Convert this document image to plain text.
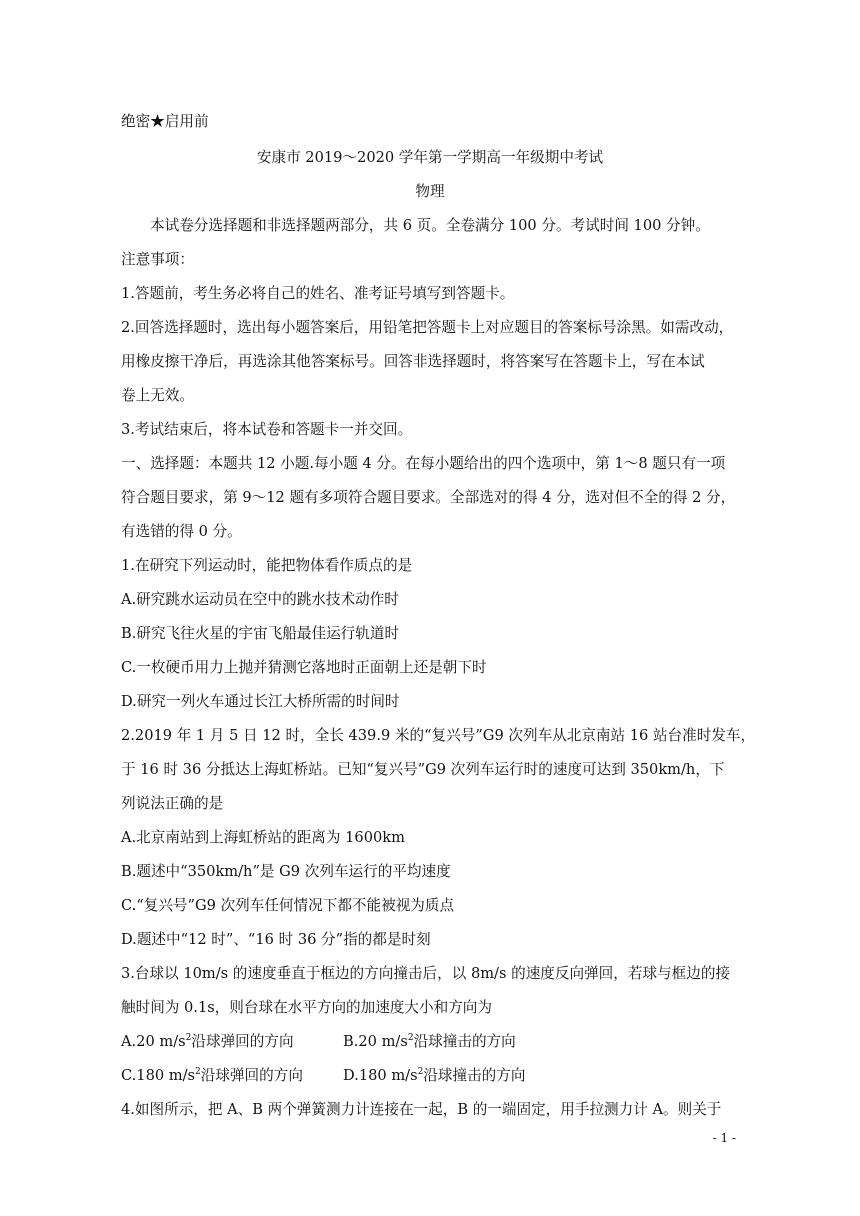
绝密★启用前
安康市 2019～2020 学年第一学期高一年级期中考试
物理
本试卷分选择题和非选择题两部分，共 6 页。全卷满分 100 分。考试时间 100 分钟。
注意事项：
1.答题前，考生务必将自己的姓名、准考证号填写到答题卡。
2.回答选择题时，选出每小题答案后，用铅笔把答题卡上对应题目的答案标号涂黑。如需改动，
用橡皮擦干净后，再选涂其他答案标号。回答非选择题时，将答案写在答题卡上，写在本试
卷上无效。
3.考试结束后，将本试卷和答题卡一并交回。
一、选择题：本题共 12 小题.每小题 4 分。在每小题给出的四个选项中，第 1～8 题只有一项
符合题目要求，第 9～12 题有多项符合题目要求。全部选对的得 4 分，选对但不全的得 2 分，
有选错的得 0 分。
1.在研究下列运动时，能把物体看作质点的是
A.研究跳水运动员在空中的跳水技术动作时
B.研究飞往火星的宇宙飞船最佳运行轨道时
C.一枚硬币用力上抛并猜测它落地时正面朝上还是朝下时
D.研究一列火车通过长江大桥所需的时间时
2.2019 年 1 月 5 日 12 时，全长 439.9 米的“复兴号”G9 次列车从北京南站 16 站台准时发车，
于 16 时 36 分抵达上海虹桥站。已知“复兴号”G9 次列车运行时的速度可达到 350km/h，下
列说法正确的是
A.北京南站到上海虹桥站的距离为 1600km
B.题述中“350km/h”是 G9 次列车运行的平均速度
C.“复兴号”G9 次列车任何情况下都不能被视为质点
D.题述中“12 时”、“16 时 36 分”指的都是时刻
3.台球以 10m/s 的速度垂直于框边的方向撞击后，以 8m/s 的速度反向弹回，若球与框边的接
触时间为 0.1s，则台球在水平方向的加速度大小和方向为
A.20 $m/s^2$沿球弹回的方向	B.20 $m/s^2$沿球撞击的方向
C.180 $m/s^2$沿球弹回的方向	D.180 $m/s^2$沿球撞击的方向
4.如图所示，把 A、B 两个弹簧测力计连接在一起，B 的一端固定，用手拉测力计 A。则关于
- 1 -
